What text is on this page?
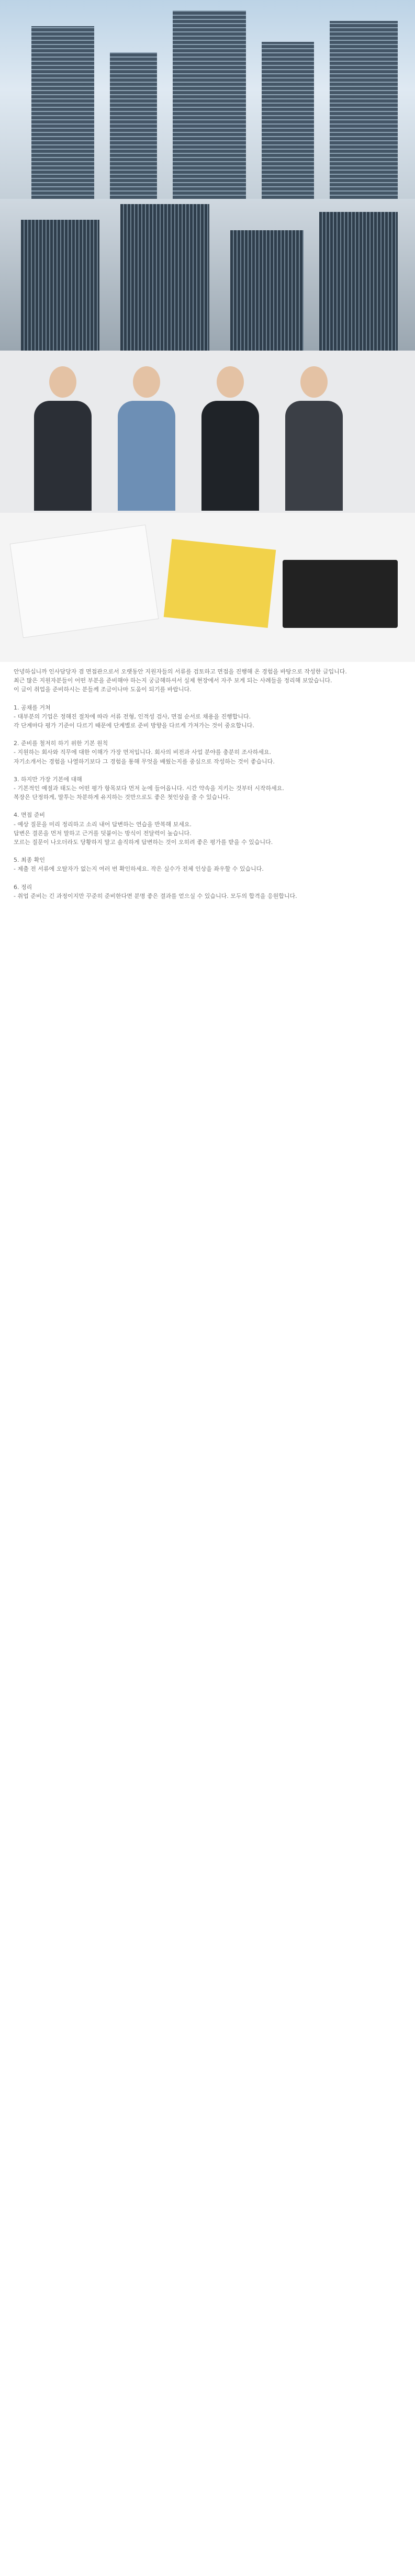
안녕하십니까 인사담당자 겸 면접관으로서 오랫동안 지원자들의 서류를 검토하고 면접을 진행해 온 경험을 바탕으로 작성한 글입니다.
최근 많은 지원자분들이 어떤 부분을 준비해야 하는지 궁금해하셔서 실제 현장에서 자주 보게 되는 사례들을 정리해 보았습니다.
이 글이 취업을 준비하시는 분들께 조금이나마 도움이 되기를 바랍니다.
1. 공채를 거쳐
- 대부분의 기업은 정해진 절차에 따라 서류 전형, 인적성 검사, 면접 순서로 채용을 진행합니다.
각 단계마다 평가 기준이 다르기 때문에 단계별로 준비 방향을 다르게 가져가는 것이 중요합니다.
2. 준비를 철저히 하기 위한 기본 원칙
- 지원하는 회사와 직무에 대한 이해가 가장 먼저입니다. 회사의 비전과 사업 분야를 충분히 조사하세요.
자기소개서는 경험을 나열하기보다 그 경험을 통해 무엇을 배웠는지를 중심으로 작성하는 것이 좋습니다.
3. 하지만 가장 기본에 대해
- 기본적인 예절과 태도는 어떤 평가 항목보다 먼저 눈에 들어옵니다. 시간 약속을 지키는 것부터 시작하세요.
복장은 단정하게, 말투는 차분하게 유지하는 것만으로도 좋은 첫인상을 줄 수 있습니다.
4. 면접 준비
- 예상 질문을 미리 정리하고 소리 내어 답변하는 연습을 반복해 보세요.
답변은 결론을 먼저 말하고 근거를 덧붙이는 방식이 전달력이 높습니다.
모르는 질문이 나오더라도 당황하지 말고 솔직하게 답변하는 것이 오히려 좋은 평가를 받을 수 있습니다.
5. 최종 확인
- 제출 전 서류에 오탈자가 없는지 여러 번 확인하세요. 작은 실수가 전체 인상을 좌우할 수 있습니다.
6. 정리
- 취업 준비는 긴 과정이지만 꾸준히 준비한다면 분명 좋은 결과를 얻으실 수 있습니다. 모두의 합격을 응원합니다.
